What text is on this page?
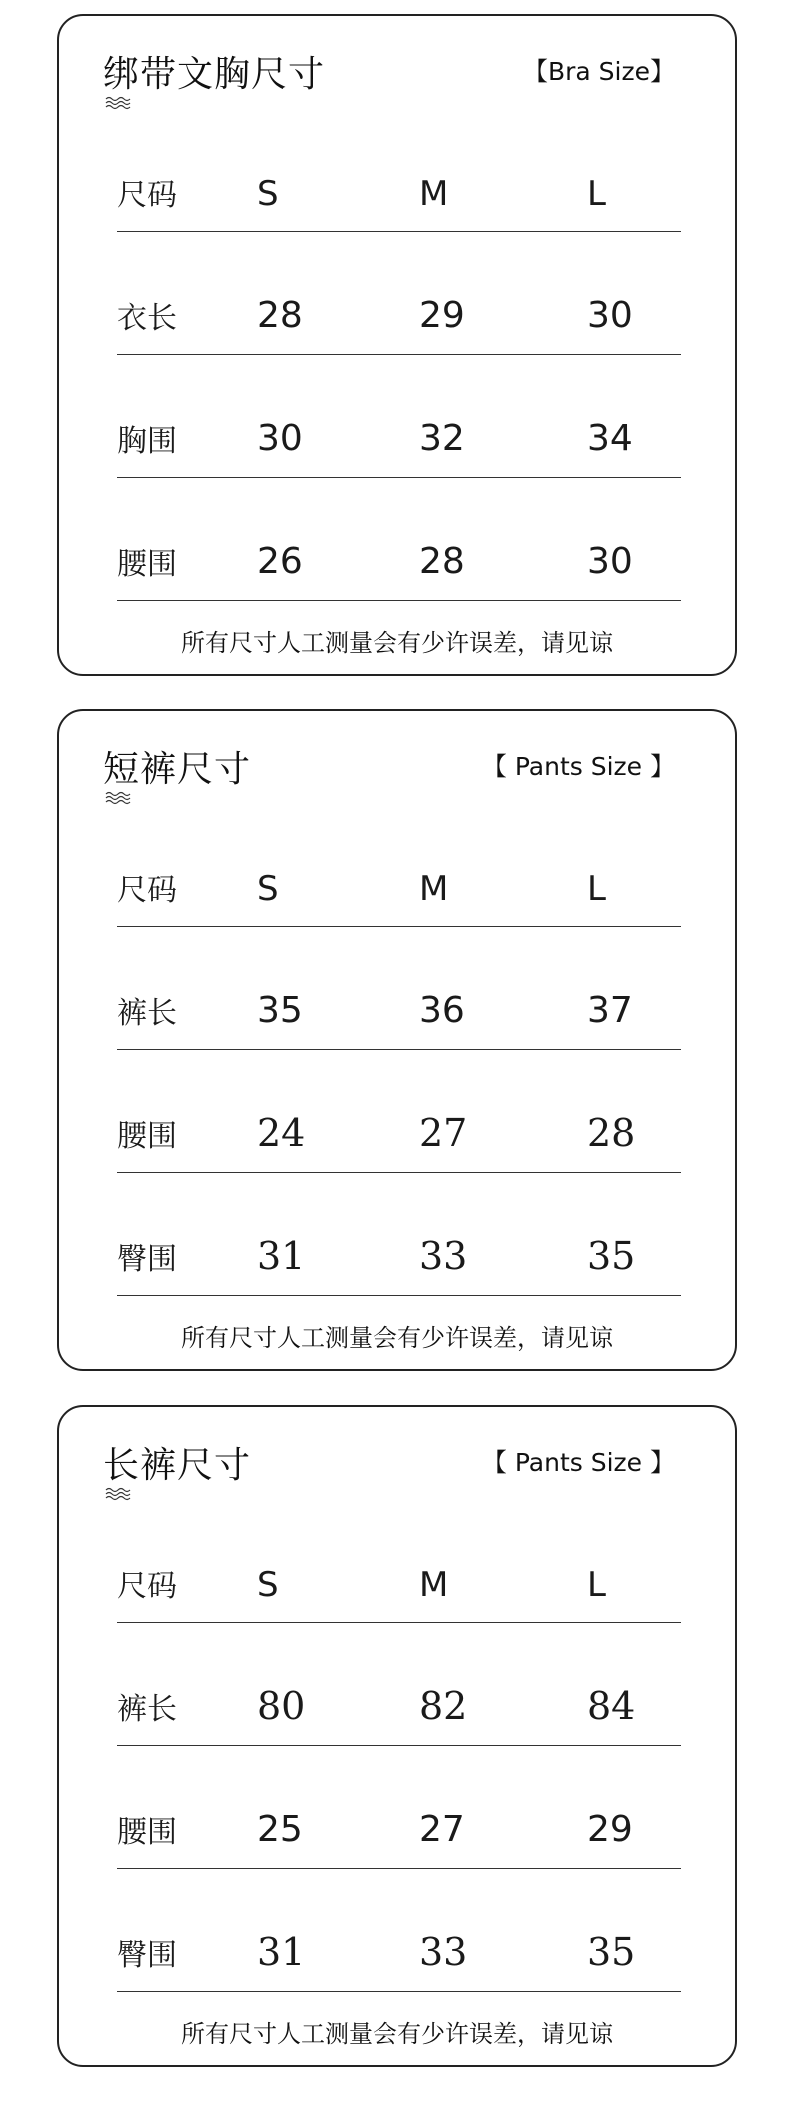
绑带文胸尺寸	【Bra Size】
尺码 S	M	L
衣长 28	29	30
胸围 30	32	34
腰围 26	28	30
所有尺寸人工测量会有少许误差，请见谅
短裤尺寸	【 Pants Size 】
尺码 S	M	L
裤长 35	36	37
腰围 24	27	28
臀围 31	33	35
所有尺寸人工测量会有少许误差，请见谅
长裤尺寸	【 Pants Size 】
尺码 S	M	L
裤长 80	82	84
腰围 25	27	29
臀围 31	33	35
所有尺寸人工测量会有少许误差，请见谅
